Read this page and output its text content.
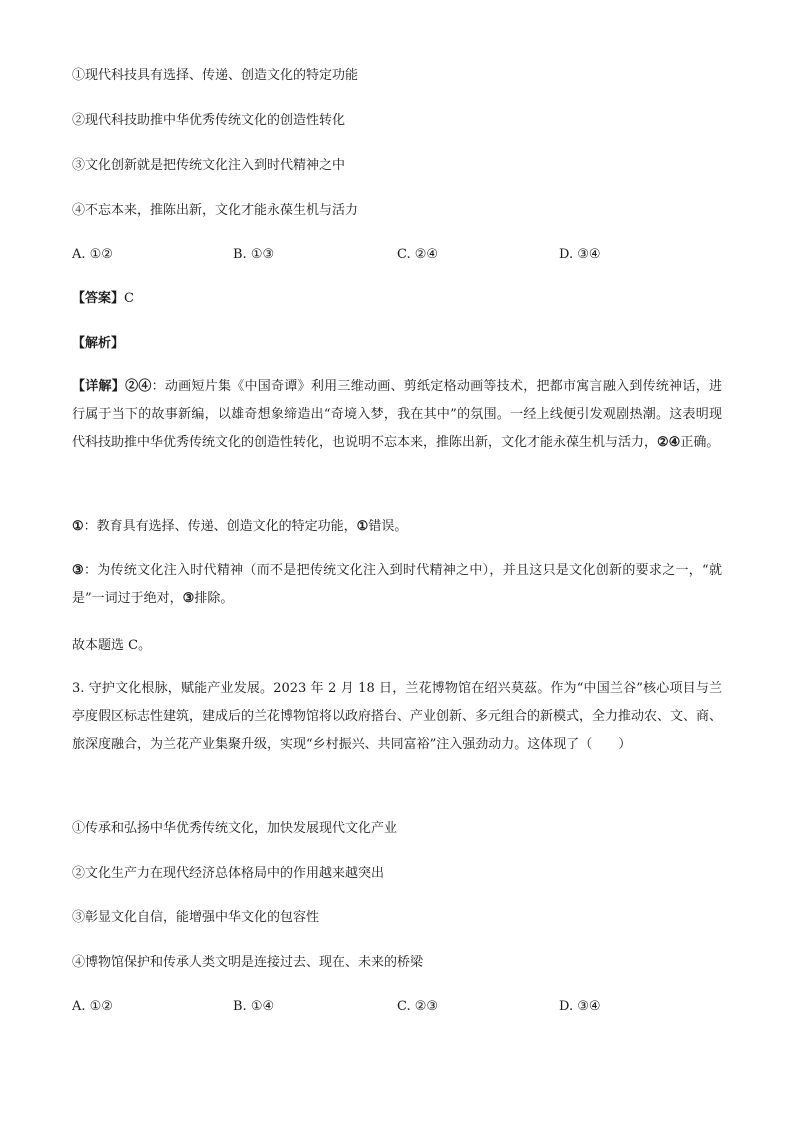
①现代科技具有选择、传递、创造文化的特定功能
②现代科技助推中华优秀传统文化的创造性转化
③文化创新就是把传统文化注入到时代精神之中
④不忘本来，推陈出新，文化才能永葆生机与活力
A. ①②	B. ①③	C. ②④	D. ③④
【答案】C
【解析】
【详解】②④：动画短片集《中国奇谭》利用三维动画、剪纸定格动画等技术，把都市寓言融入到传统神话，进行属于当下的故事新编，以雄奇想象缔造出“奇境入梦，我在其中”的氛围。一经上线便引发观剧热潮。这表明现代科技助推中华优秀传统文化的创造性转化，也说明不忘本来，推陈出新，文化才能永葆生机与活力，②④正确。
①：教育具有选择、传递、创造文化的特定功能，①错误。
③：为传统文化注入时代精神（而不是把传统文化注入到时代精神之中），并且这只是文化创新的要求之一，“就是”一词过于绝对，③排除。
故本题选 C。
3. 守护文化根脉，赋能产业发展。2023 年 2 月 18 日，兰花博物馆在绍兴莫茲。作为“中国兰谷”核心项目与兰亭度假区标志性建筑，建成后的兰花博物馆将以政府搭台、产业创新、多元组合的新模式，全力推动农、文、商、旅深度融合，为兰花产业集聚升级，实现“乡村振兴、共同富裕”注入强劲动力。这体现了（　　）
①传承和弘扬中华优秀传统文化，加快发展现代文化产业
②文化生产力在现代经济总体格局中的作用越来越突出
③彰显文化自信，能增强中华文化的包容性
④博物馆保护和传承人类文明是连接过去、现在、未来的桥梁
A. ①②	B. ①④	C. ②③	D. ③④
